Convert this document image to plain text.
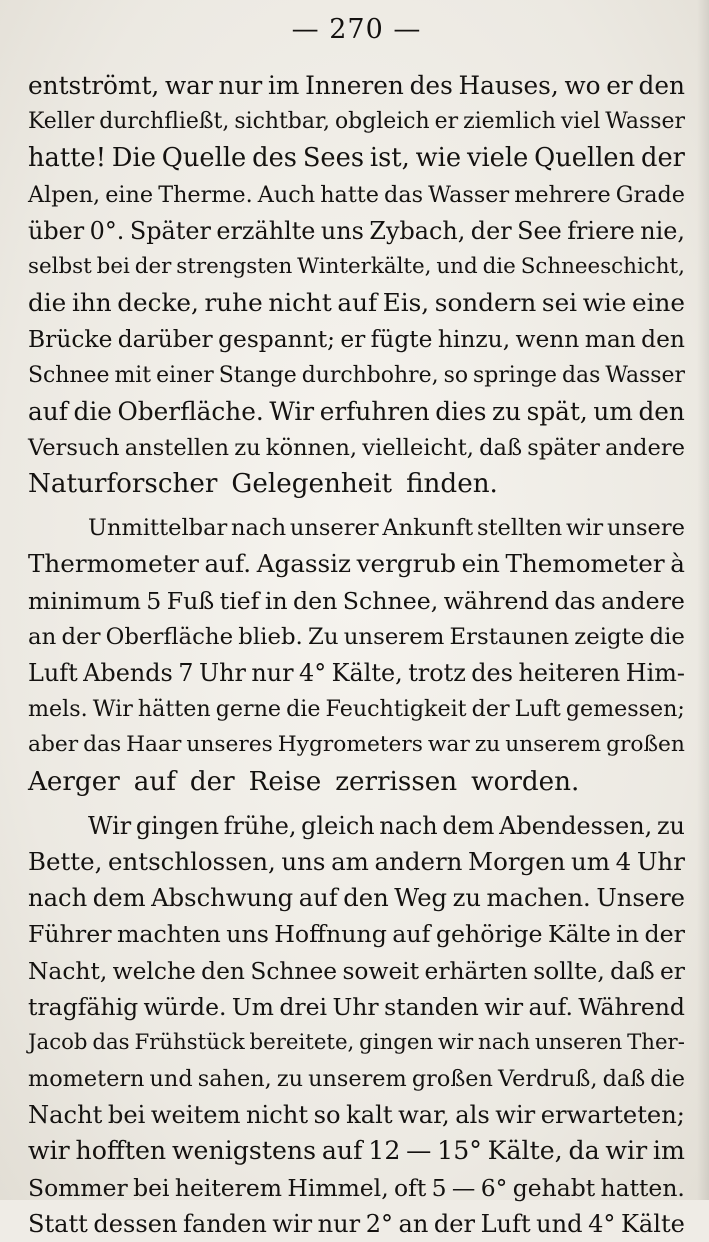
— 270 —
entströmt, war nur im Inneren des Hauses, wo er den
Keller durchfließt, sichtbar, obgleich er ziemlich viel Wasser
hatte! Die Quelle des Sees ist, wie viele Quellen der
Alpen, eine Therme. Auch hatte das Wasser mehrere Grade
über 0°. Später erzählte uns Zybach, der See friere nie,
selbst bei der strengsten Winterkälte, und die Schneeschicht,
die ihn decke, ruhe nicht auf Eis, sondern sei wie eine
Brücke darüber gespannt; er fügte hinzu, wenn man den
Schnee mit einer Stange durchbohre, so springe das Wasser
auf die Oberfläche. Wir erfuhren dies zu spät, um den
Versuch anstellen zu können, vielleicht, daß später andere
Naturforscher Gelegenheit finden.
Unmittelbar nach unserer Ankunft stellten wir unsere
Thermometer auf. Agassiz vergrub ein Themometer à
minimum 5 Fuß tief in den Schnee, während das andere
an der Oberfläche blieb. Zu unserem Erstaunen zeigte die
Luft Abends 7 Uhr nur 4° Kälte, trotz des heiteren Him-
mels. Wir hätten gerne die Feuchtigkeit der Luft gemessen;
aber das Haar unseres Hygrometers war zu unserem großen
Aerger auf der Reise zerrissen worden.
Wir gingen frühe, gleich nach dem Abendessen, zu
Bette, entschlossen, uns am andern Morgen um 4 Uhr
nach dem Abschwung auf den Weg zu machen. Unsere
Führer machten uns Hoffnung auf gehörige Kälte in der
Nacht, welche den Schnee soweit erhärten sollte, daß er
tragfähig würde. Um drei Uhr standen wir auf. Während
Jacob das Frühstück bereitete, gingen wir nach unseren Ther-
mometern und sahen, zu unserem großen Verdruß, daß die
Nacht bei weitem nicht so kalt war, als wir erwarteten;
wir hofften wenigstens auf 12 — 15° Kälte, da wir im
Sommer bei heiterem Himmel, oft 5 — 6° gehabt hatten.
Statt dessen fanden wir nur 2° an der Luft und 4° Kälte
